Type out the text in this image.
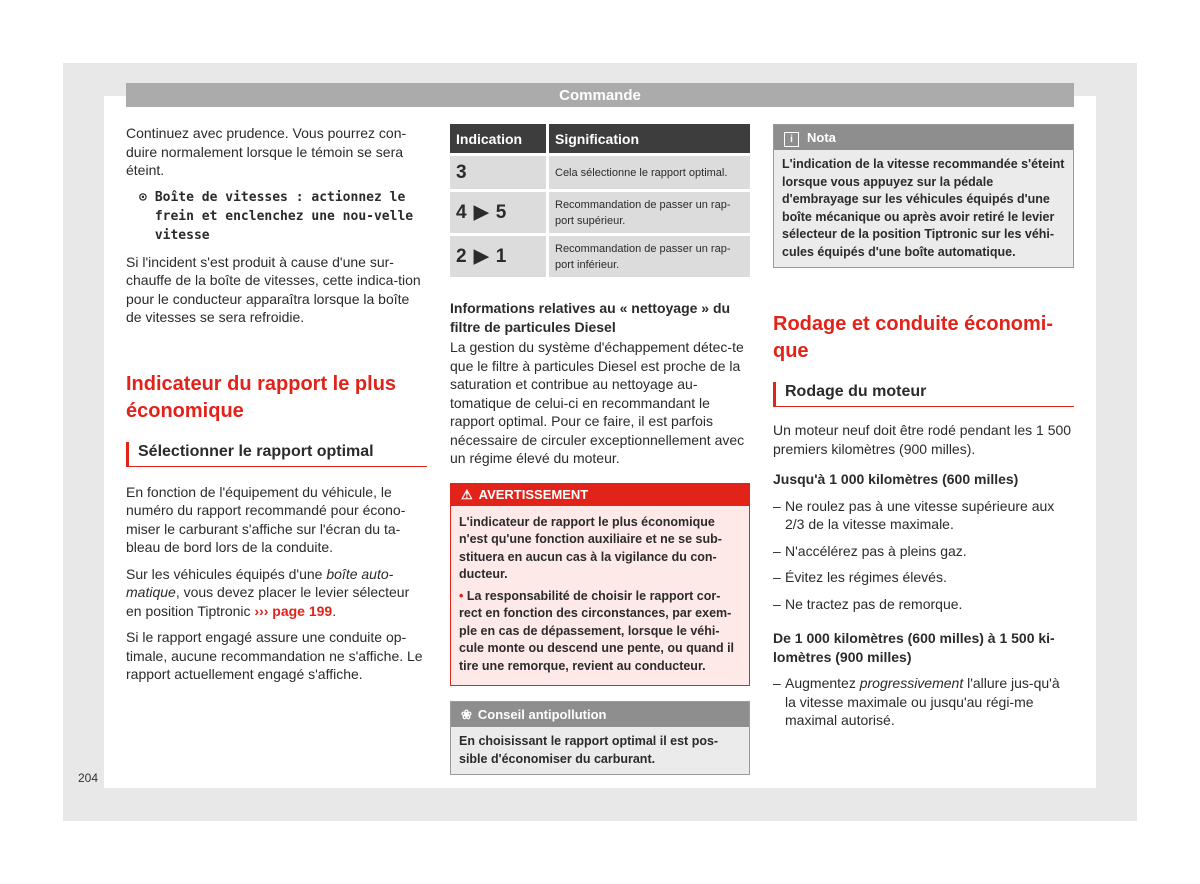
Commande

Continuez avec prudence. Vous pourrez con-duire normalement lorsque le témoin se sera éteint.

⊙ Boîte de vitesses : actionnez le frein et enclenchez une nou-velle vitesse

Si l'incident s'est produit à cause d'une sur-chauffe de la boîte de vitesses, cette indica-tion pour le conducteur apparaîtra lorsque la boîte de vitesses se sera refroidie.

Indicateur du rapport le plus économique
Sélectionner le rapport optimal

En fonction de l'équipement du véhicule, le numéro du rapport recommandé pour écono-miser le carburant s'affiche sur l'écran du ta-bleau de bord lors de la conduite.

Sur les véhicules équipés d'une boîte auto-matique, vous devez placer le levier sélecteur en position Tiptronic ››› page 199.

Si le rapport engagé assure une conduite op-timale, aucune recommandation ne s'affiche. Le rapport actuellement engagé s'affiche.

Indication	Signification
3	Cela sélectionne le rapport optimal.
4 ▶ 5	Recommandation de passer un rap-port supérieur.
2 ▶ 1	Recommandation de passer un rap-port inférieur.

Informations relatives au « nettoyage » du filtre de particules Diesel

La gestion du système d'échappement détec-te que le filtre à particules Diesel est proche de la saturation et contribue au nettoyage au-tomatique de celui-ci en recommandant le rapport optimal. Pour ce faire, il est parfois nécessaire de circuler exceptionnellement avec un régime élevé du moteur.

⚠ AVERTISSEMENT
L'indicateur de rapport le plus économique n'est qu'une fonction auxiliaire et ne se sub-stituera en aucun cas à la vigilance du con-ducteur.
• La responsabilité de choisir le rapport cor-rect en fonction des circonstances, par exem-ple en cas de dépassement, lorsque le véhi-cule monte ou descend une pente, ou quand il tire une remorque, revient au conducteur.
❀ Conseil antipollution
En choisissant le rapport optimal il est pos-sible d'économiser du carburant.
i Nota
L'indication de la vitesse recommandée s'éteint lorsque vous appuyez sur la pédale d'embrayage sur les véhicules équipés d'une boîte mécanique ou après avoir retiré le levier sélecteur de la position Tiptronic sur les véhi-cules équipés d'une boîte automatique.
Rodage et conduite économi-que
Rodage du moteur

Un moteur neuf doit être rodé pendant les 1 500 premiers kilomètres (900 milles).

Jusqu'à 1 000 kilomètres (600 milles)

– Ne roulez pas à une vitesse supérieure aux 2/3 de la vitesse maximale.
– N'accélérez pas à pleins gaz.
– Évitez les régimes élevés.
– Ne tractez pas de remorque.

De 1 000 kilomètres (600 milles) à 1 500 ki-lomètres (900 milles)

– Augmentez progressivement l'allure jus-qu'à la vitesse maximale ou jusqu'au régi-me maximal autorisé.
204
